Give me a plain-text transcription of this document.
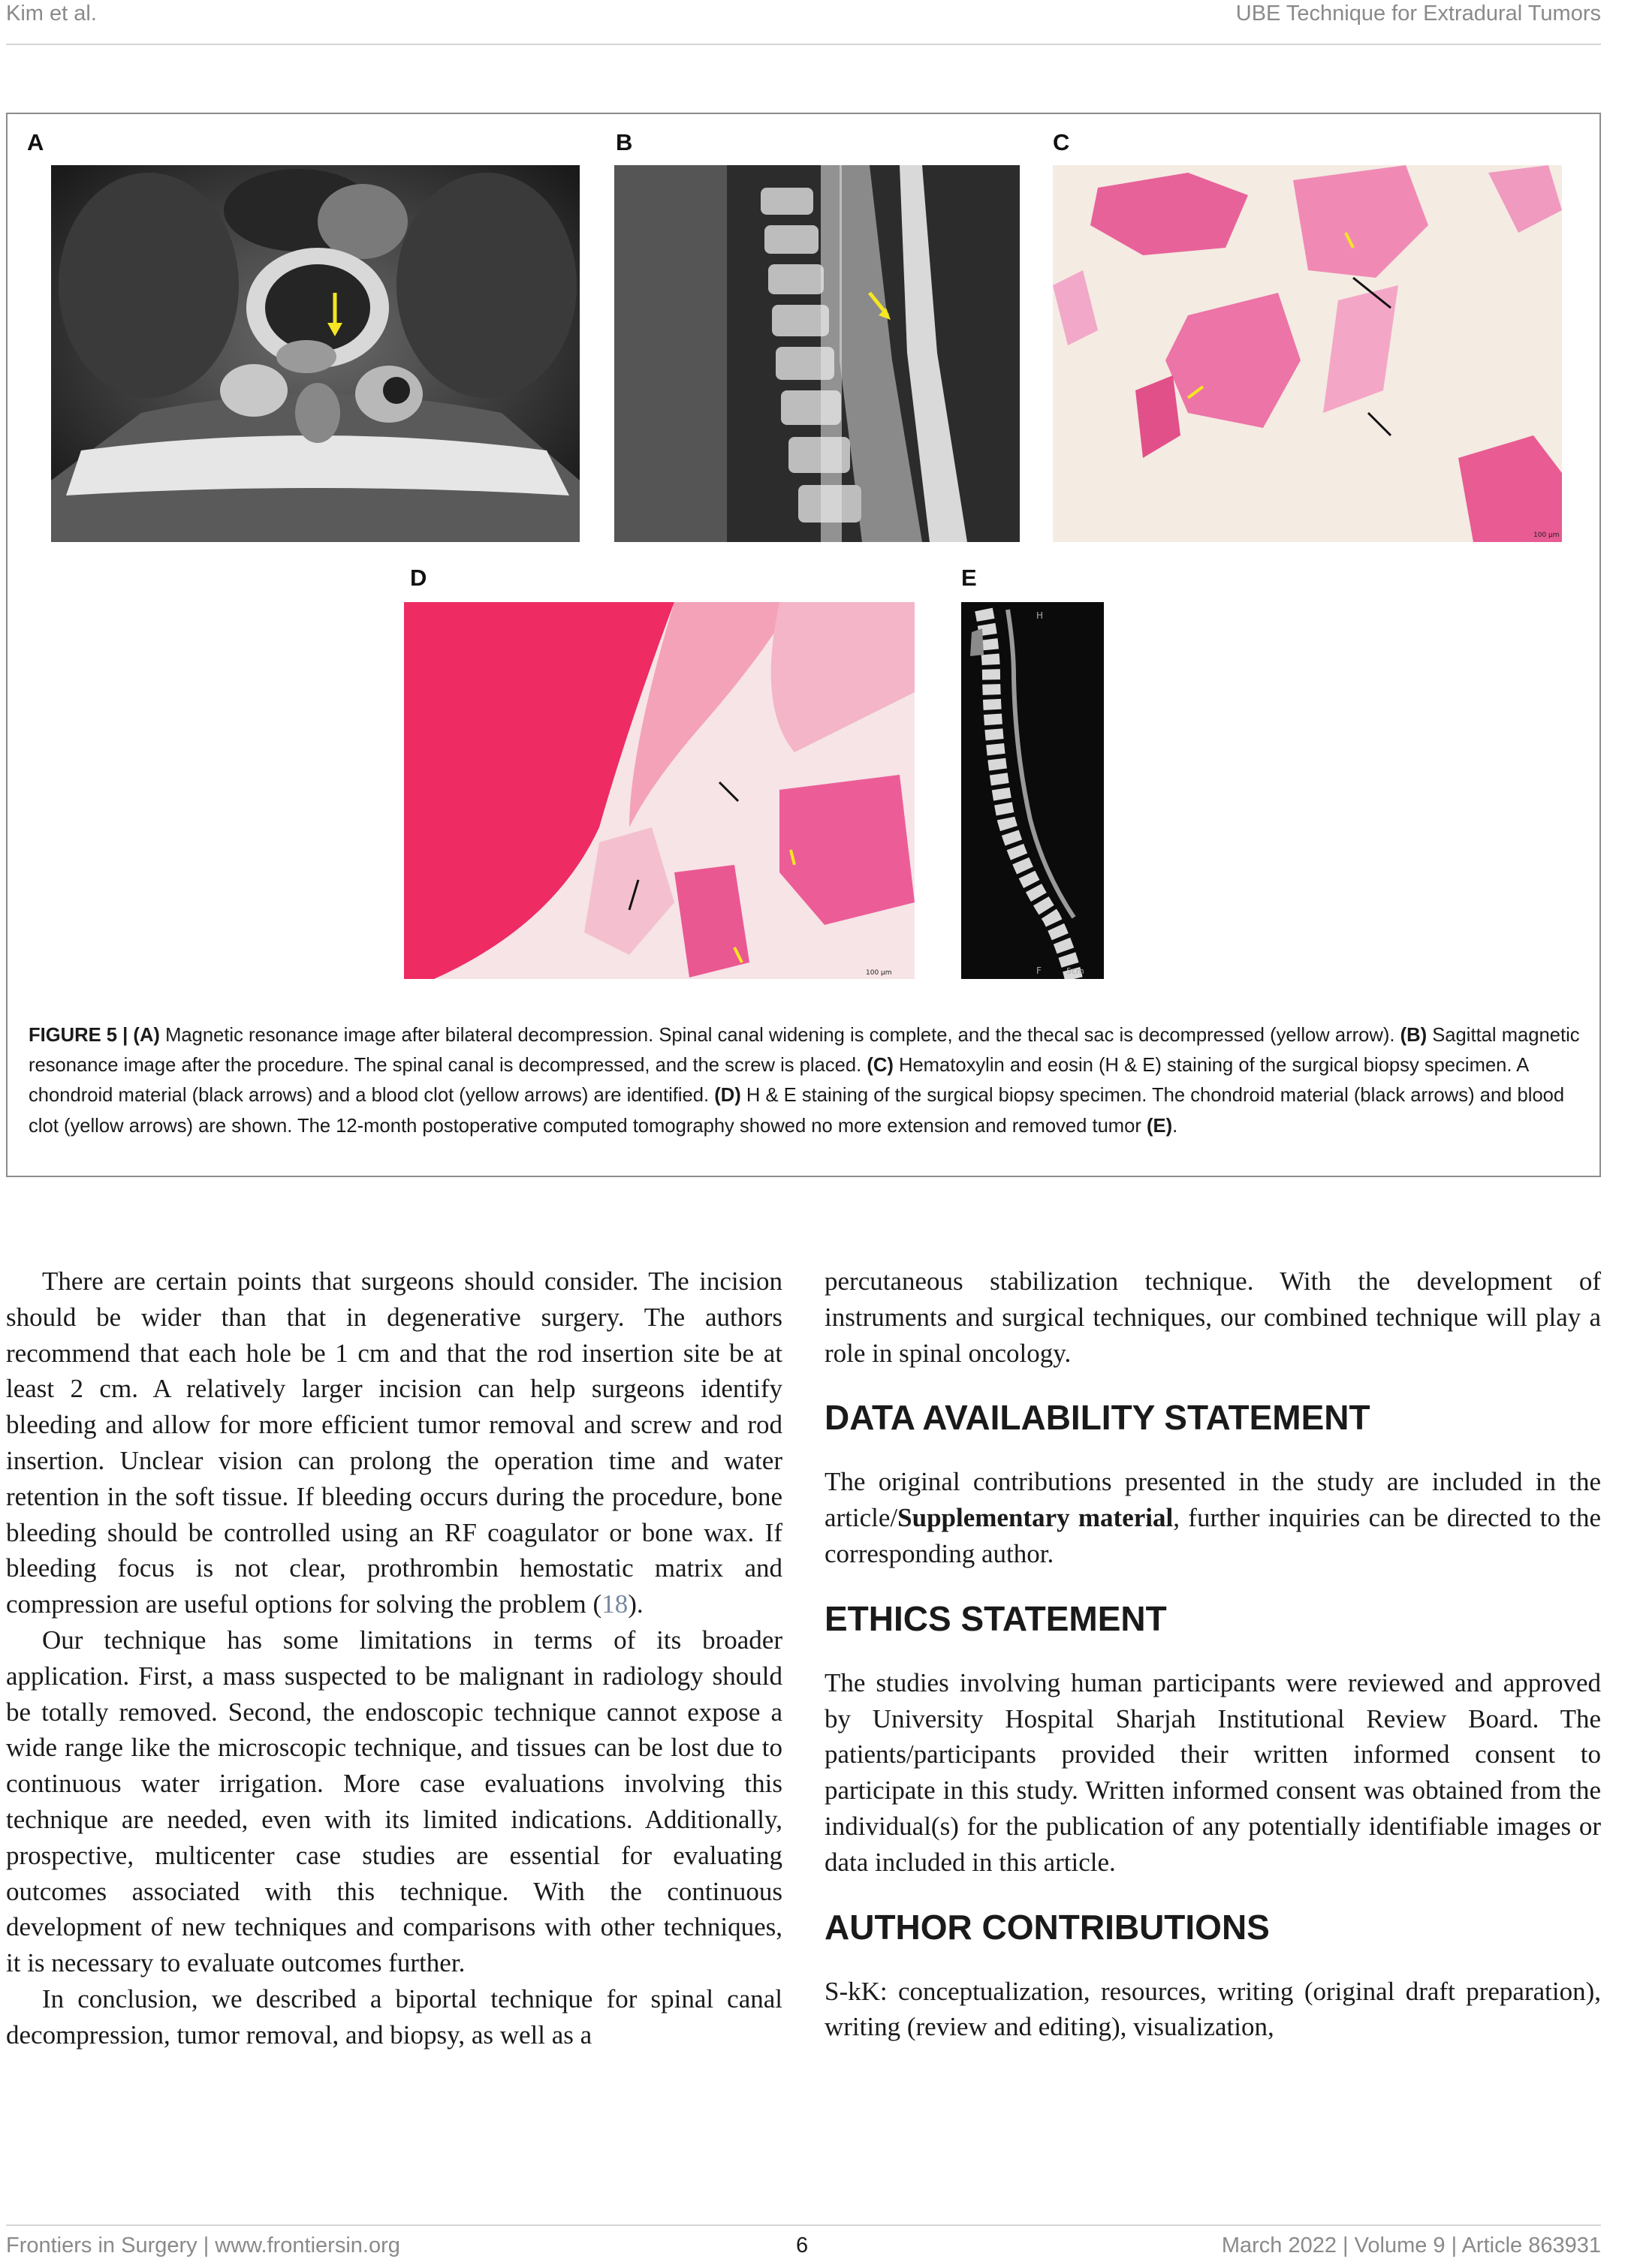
Kim et al.	UBE Technique for Extradural Tumors
A	B	C
D	E
100 μm
100 μm
H
F	5cm
FIGURE 5 | (A) Magnetic resonance image after bilateral decompression. Spinal canal widening is complete, and the thecal sac is decompressed (yellow arrow). (B) Sagittal magnetic resonance image after the procedure. The spinal canal is decompressed, and the screw is placed. (C) Hematoxylin and eosin (H & E) staining of the surgical biopsy specimen. A chondroid material (black arrows) and a blood clot (yellow arrows) are identified. (D) H & E staining of the surgical biopsy specimen. The chondroid material (black arrows) and blood clot (yellow arrows) are shown. The 12-month postoperative computed tomography showed no more extension and removed tumor (E).

There are certain points that surgeons should consider. The incision should be wider than that in degenerative surgery. The authors recommend that each hole be 1 cm and that the rod insertion site be at least 2 cm. A relatively larger incision can help surgeons identify bleeding and allow for more efficient tumor removal and screw and rod insertion. Unclear vision can prolong the operation time and water retention in the soft tissue. If bleeding occurs during the procedure, bone bleeding should be controlled using an RF coagulator or bone wax. If bleeding focus is not clear, prothrombin hemostatic matrix and compression are useful options for solving the problem (18).

Our technique has some limitations in terms of its broader application. First, a mass suspected to be malignant in radiology should be totally removed. Second, the endoscopic technique cannot expose a wide range like the microscopic technique, and tissues can be lost due to continuous water irrigation. More case evaluations involving this technique are needed, even with its limited indications. Additionally, prospective, multicenter case studies are essential for evaluating outcomes associated with this technique. With the continuous development of new techniques and comparisons with other techniques, it is necessary to evaluate outcomes further.

In conclusion, we described a biportal technique for spinal canal decompression, tumor removal, and biopsy, as well as a

percutaneous stabilization technique. With the development of instruments and surgical techniques, our combined technique will play a role in spinal oncology.

DATA AVAILABILITY STATEMENT

The original contributions presented in the study are included in the article/Supplementary material, further inquiries can be directed to the corresponding author.

ETHICS STATEMENT

The studies involving human participants were reviewed and approved by University Hospital Sharjah Institutional Review Board. The patients/participants provided their written informed consent to participate in this study. Written informed consent was obtained from the individual(s) for the publication of any potentially identifiable images or data included in this article.

AUTHOR CONTRIBUTIONS

S-kK: conceptualization, resources, writing (original draft preparation), writing (review and editing), visualization,

Frontiers in Surgery | www.frontiersin.org	6	March 2022 | Volume 9 | Article 863931
